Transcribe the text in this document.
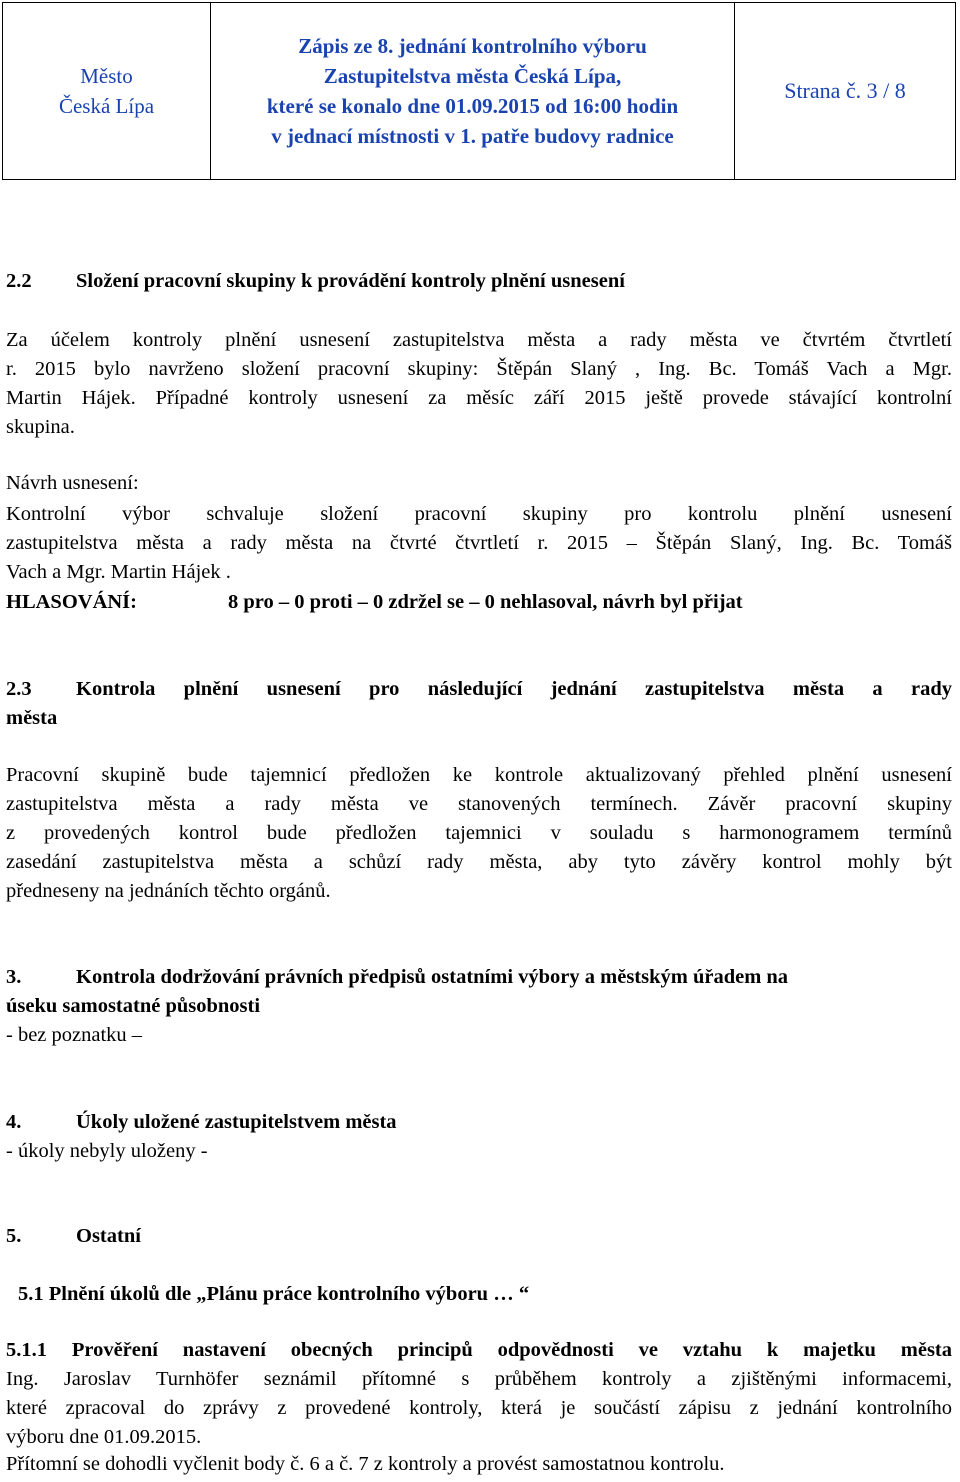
Město
Česká Lípa
Zápis ze 8. jednání kontrolního výboru
Zastupitelstva města Česká Lípa,
které se konalo dne 01.09.2015 od 16:00 hodin
v jednací místnosti v 1. patře budovy radnice
Strana č. 3 / 8

2.2 Složení pracovní skupiny k provádění kontroly plnění usnesení

Za účelem kontroly plnění usnesení zastupitelstva města a rady města ve čtvrtém čtvrtletí

r. 2015 bylo navrženo složení pracovní skupiny: Štěpán Slaný , Ing. Bc. Tomáš Vach a Mgr.

Martin Hájek. Případné kontroly usnesení za měsíc září 2015 ještě provede stávající kontrolní

skupina.

Návrh usnesení:

Kontrolní výbor schvaluje složení pracovní skupiny pro kontrolu plnění usnesení

zastupitelstva města a rady města na čtvrté čtvrtletí r. 2015 – Štěpán Slaný, Ing. Bc. Tomáš

Vach a Mgr. Martin Hájek .

HLASOVÁNÍ:	8 pro – 0 proti – 0 zdržel se – 0 nehlasoval, návrh byl přijat

2.3 Kontrola plnění usnesení pro následující jednání zastupitelstva města a rady

města

Pracovní skupině bude tajemnicí předložen ke kontrole aktualizovaný přehled plnění usnesení

zastupitelstva města a rady města ve stanovených termínech. Závěr pracovní skupiny

z provedených kontrol bude předložen tajemnici v souladu s harmonogramem termínů

zasedání zastupitelstva města a schůzí rady města, aby tyto závěry kontrol mohly být

předneseny na jednáních těchto orgánů.

3.	Kontrola dodržování právních předpisů ostatními výbory a městským úřadem na

úseku samostatné působnosti

- bez poznatku –

4.	Úkoly uložené zastupitelstvem města

- úkoly nebyly uloženy -

5.	Ostatní

5.1 Plnění úkolů dle „Plánu práce kontrolního výboru … “

5.1.1 Prověření nastavení obecných principů odpovědnosti ve vztahu k majetku města

Ing. Jaroslav Turnhöfer seznámil přítomné s průběhem kontroly a zjištěnými informacemi,

které zpracoval do zprávy z provedené kontroly, která je součástí zápisu z jednání kontrolního

výboru dne 01.09.2015.

Přítomní se dohodli vyčlenit body č. 6 a č. 7 z kontroly a provést samostatnou kontrolu.
